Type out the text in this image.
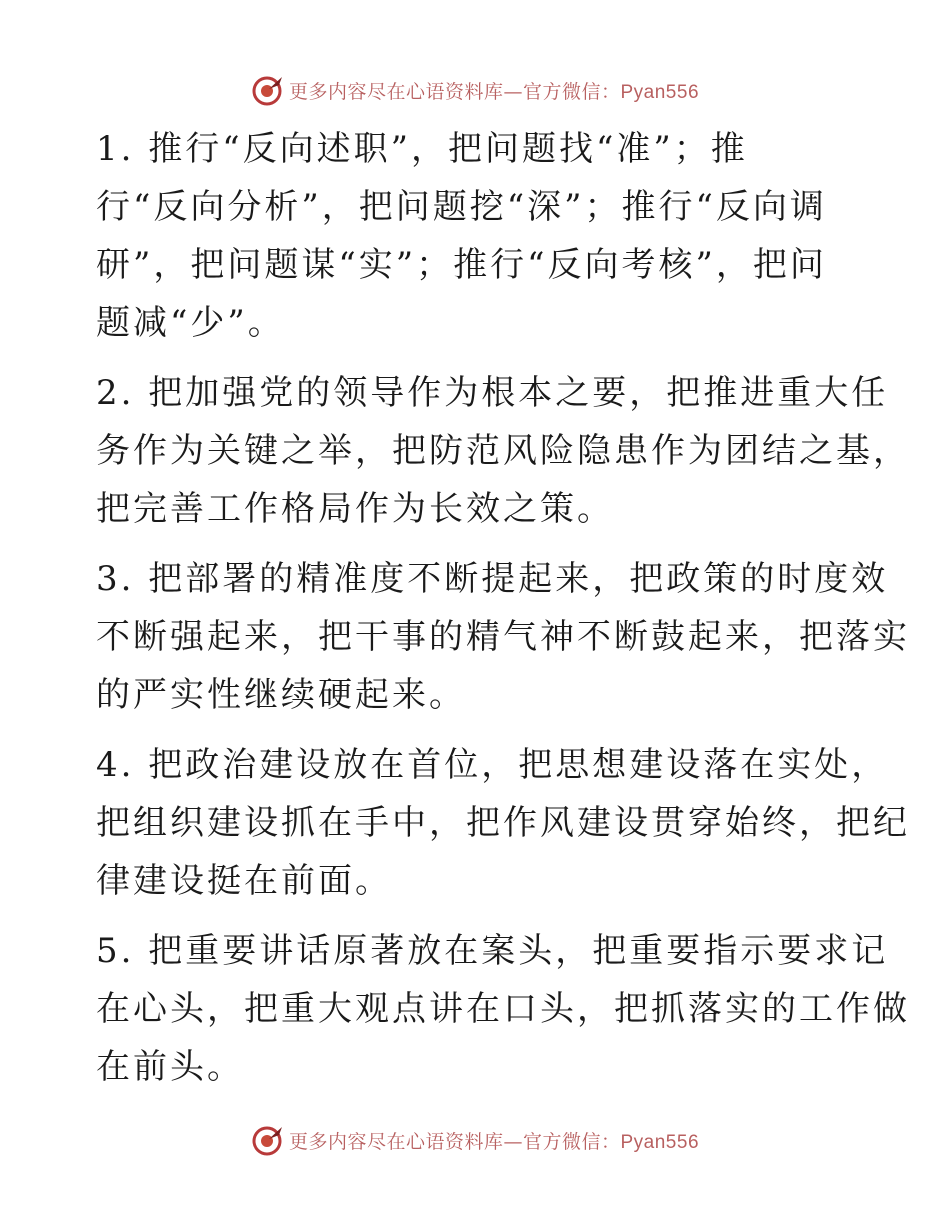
更多内容尽在心语资料库—官方微信：Pyan556

1. 推行“反向述职”，把问题找“准”；推
行“反向分析”，把问题挖“深”；推行“反向调
研”，把问题谋“实”；推行“反向考核”，把问
题减“少”。

2. 把加强党的领导作为根本之要，把推进重大任
务作为关键之举，把防范风险隐患作为团结之基，
把完善工作格局作为长效之策。

3. 把部署的精准度不断提起来，把政策的时度效
不断强起来，把干事的精气神不断鼓起来，把落实
的严实性继续硬起来。

4. 把政治建设放在首位，把思想建设落在实处，
把组织建设抓在手中，把作风建设贯穿始终，把纪
律建设挺在前面。

5. 把重要讲话原著放在案头，把重要指示要求记
在心头，把重大观点讲在口头，把抓落实的工作做
在前头。

更多内容尽在心语资料库—官方微信：Pyan556
